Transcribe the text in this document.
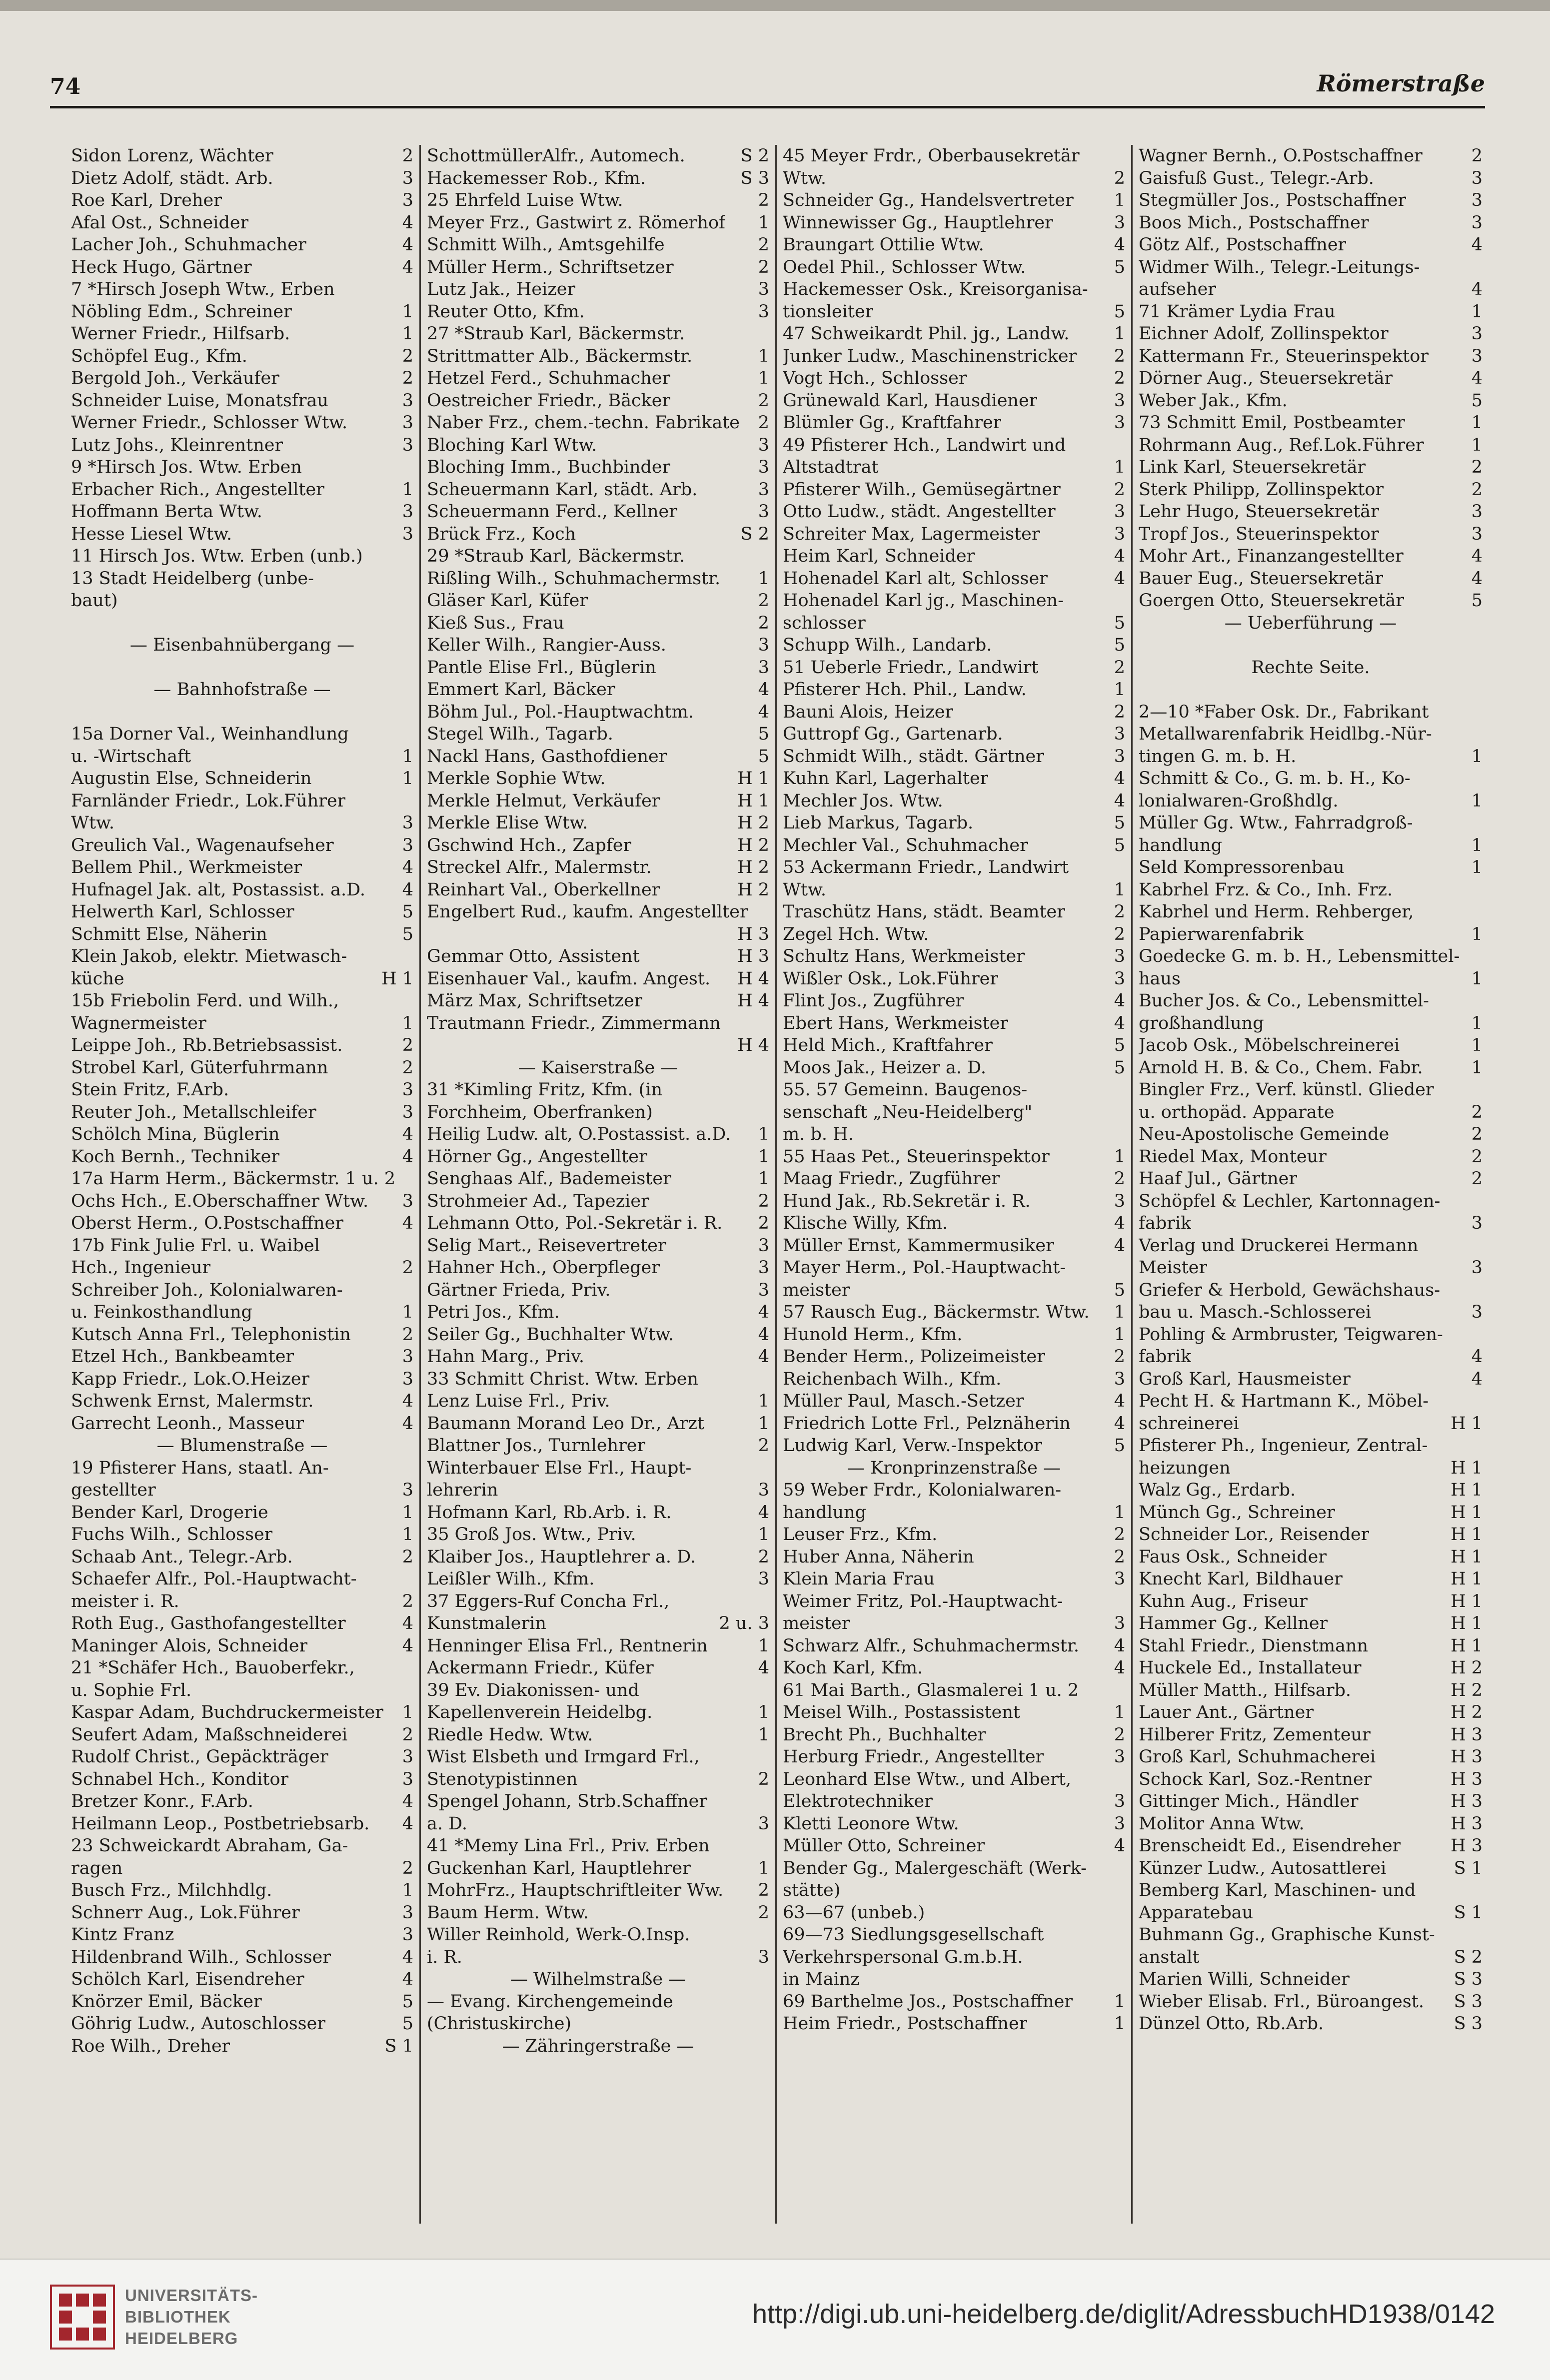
74	Römerstraße
Sidon Lorenz, Wächter	2
Dietz Adolf, städt. Arb.	3
Roe Karl, Dreher	3
Afal Ost., Schneider	4
Lacher Joh., Schuhmacher	4
Heck Hugo, Gärtner	4
7 *Hirsch Joseph Wtw., Erben
Nöbling Edm., Schreiner	1
Werner Friedr., Hilfsarb.	1
Schöpfel Eug., Kfm.	2
Bergold Joh., Verkäufer	2
Schneider Luise, Monatsfrau	3
Werner Friedr., Schlosser Wtw.	3
Lutz Johs., Kleinrentner	3
9 *Hirsch Jos. Wtw. Erben
Erbacher Rich., Angestellter	1
Hoffmann Berta Wtw.	3
Hesse Liesel Wtw.	3
11 Hirsch Jos. Wtw. Erben (unb.)
13 Stadt Heidelberg (unbe-
baut)

— Eisenbahnübergang —

— Bahnhofstraße —

15a Dorner Val., Weinhandlung
u. -Wirtschaft	1
Augustin Else, Schneiderin	1
Farnländer Friedr., Lok.Führer
Wtw.	3
Greulich Val., Wagenaufseher	3
Bellem Phil., Werkmeister	4
Hufnagel Jak. alt, Postassist. a.D. 4
Helwerth Karl, Schlosser	5
Schmitt Else, Näherin	5
Klein Jakob, elektr. Mietwasch-
küche	H 1
15b Friebolin Ferd. und Wilh.,
Wagnermeister	1
Leippe Joh., Rb.Betriebsassist.	2
Strobel Karl, Güterfuhrmann	2
Stein Fritz, F.Arb.	3
Reuter Joh., Metallschleifer	3
Schölch Mina, Büglerin	4
Koch Bernh., Techniker	4
17a Harm Herm., Bäckermstr. 1 u. 2
Ochs Hch., E.Oberschaffner Wtw. 3
Oberst Herm., O.Postschaffner	4
17b Fink Julie Frl. u. Waibel
Hch., Ingenieur	2
Schreiber Joh., Kolonialwaren-
u. Feinkosthandlung	1
Kutsch Anna Frl., Telephonistin	2
Etzel Hch., Bankbeamter	3
Kapp Friedr., Lok.O.Heizer	3
Schwenk Ernst, Malermstr.	4
Garrecht Leonh., Masseur	4
— Blumenstraße —
19 Pfisterer Hans, staatl. An-
gestellter	3
Bender Karl, Drogerie	1
Fuchs Wilh., Schlosser	1
Schaab Ant., Telegr.-Arb.	2
Schaefer Alfr., Pol.-Hauptwacht-
meister i. R.	2
Roth Eug., Gasthofangestellter	4
Maninger Alois, Schneider	4
21 *Schäfer Hch., Bauoberfekr.,
u. Sophie Frl.
Kaspar Adam, Buchdruckermeister 1
Seufert Adam, Maßschneiderei	2
Rudolf Christ., Gepäckträger	3
Schnabel Hch., Konditor	3
Bretzer Konr., F.Arb.	4
Heilmann Leop., Postbetriebsarb. 4
23 Schweickardt Abraham, Ga-
ragen	2
Busch Frz., Milchhdlg.	1
Schnerr Aug., Lok.Führer	3
Kintz Franz	3
Hildenbrand Wilh., Schlosser	4
Schölch Karl, Eisendreher	4
Knörzer Emil, Bäcker	5
Göhrig Ludw., Autoschlosser	5
Roe Wilh., Dreher	S 1
SchottmüllerAlfr., Automech.	S 2
Hackemesser Rob., Kfm.	S 3
25 Ehrfeld Luise Wtw.	2
Meyer Frz., Gastwirt z. Römerhof 1
Schmitt Wilh., Amtsgehilfe	2
Müller Herm., Schriftsetzer	2
Lutz Jak., Heizer	3
Reuter Otto, Kfm.	3
27 *Straub Karl, Bäckermstr.
Strittmatter Alb., Bäckermstr.	1
Hetzel Ferd., Schuhmacher	1
Oestreicher Friedr., Bäcker	2
Naber Frz., chem.-techn. Fabrikate 2
Bloching Karl Wtw.	3
Bloching Imm., Buchbinder	3
Scheuermann Karl, städt. Arb.	3
Scheuermann Ferd., Kellner	3
Brück Frz., Koch	S 2
29 *Straub Karl, Bäckermstr.
Rißling Wilh., Schuhmachermstr. 1
Gläser Karl, Küfer	2
Kieß Sus., Frau	2
Keller Wilh., Rangier-Auss.	3
Pantle Elise Frl., Büglerin	3
Emmert Karl, Bäcker	4
Böhm Jul., Pol.-Hauptwachtm.	4
Stegel Wilh., Tagarb.	5
Nackl Hans, Gasthofdiener	5
Merkle Sophie Wtw.	H 1
Merkle Helmut, Verkäufer	H 1
Merkle Elise Wtw.	H 2
Gschwind Hch., Zapfer	H 2
Streckel Alfr., Malermstr.	H 2
Reinhart Val., Oberkellner	H 2
Engelbert Rud., kaufm. Angestellter
H 3
Gemmar Otto, Assistent	H 3
Eisenhauer Val., kaufm. Angest. H 4
März Max, Schriftsetzer	H 4
Trautmann Friedr., Zimmermann
H 4
— Kaiserstraße —
31 *Kimling Fritz, Kfm. (in
Forchheim, Oberfranken)
Heilig Ludw. alt, O.Postassist. a.D. 1
Hörner Gg., Angestellter	1
Senghaas Alf., Bademeister	1
Strohmeier Ad., Tapezier	2
Lehmann Otto, Pol.-Sekretär i. R. 2
Selig Mart., Reisevertreter	3
Hahner Hch., Oberpfleger	3
Gärtner Frieda, Priv.	3
Petri Jos., Kfm.	4
Seiler Gg., Buchhalter Wtw.	4
Hahn Marg., Priv.	4
33 Schmitt Christ. Wtw. Erben
Lenz Luise Frl., Priv.	1
Baumann Morand Leo Dr., Arzt	1
Blattner Jos., Turnlehrer	2
Winterbauer Else Frl., Haupt-
lehrerin	3
Hofmann Karl, Rb.Arb. i. R.	4
35 Groß Jos. Wtw., Priv.	1
Klaiber Jos., Hauptlehrer a. D.	2
Leißler Wilh., Kfm.	3
37 Eggers-Ruf Concha Frl.,
Kunstmalerin	2 u. 3
Henninger Elisa Frl., Rentnerin	1
Ackermann Friedr., Küfer	4
39 Ev. Diakonissen- und
Kapellenverein Heidelbg.	1
Riedle Hedw. Wtw.	1
Wist Elsbeth und Irmgard Frl.,
Stenotypistinnen	2
Spengel Johann, Strb.Schaffner
a. D.	3
41 *Memy Lina Frl., Priv. Erben
Guckenhan Karl, Hauptlehrer	1
MohrFrz., Hauptschriftleiter Ww. 2
Baum Herm. Wtw.	2
Willer Reinhold, Werk-O.Insp.
i. R.	3
— Wilhelmstraße —
— Evang. Kirchengemeinde
(Christuskirche)
— Zähringerstraße —
45 Meyer Frdr., Oberbausekretär
Wtw.	2
Schneider Gg., Handelsvertreter 1
Winnewisser Gg., Hauptlehrer	3
Braungart Ottilie Wtw.	4
Oedel Phil., Schlosser Wtw.	5
Hackemesser Osk., Kreisorganisa-
tionsleiter	5
47 Schweikardt Phil. jg., Landw.	1
Junker Ludw., Maschinenstricker 2
Vogt Hch., Schlosser	2
Grünewald Karl, Hausdiener	3
Blümler Gg., Kraftfahrer	3
49 Pfisterer Hch., Landwirt und
Altstadtrat	1
Pfisterer Wilh., Gemüsegärtner	2
Otto Ludw., städt. Angestellter	3
Schreiter Max, Lagermeister	3
Heim Karl, Schneider	4
Hohenadel Karl alt, Schlosser	4
Hohenadel Karl jg., Maschinen-
schlosser	5
Schupp Wilh., Landarb.	5
51 Ueberle Friedr., Landwirt	2
Pfisterer Hch. Phil., Landw.	1
Bauni Alois, Heizer	2
Guttropf Gg., Gartenarb.	3
Schmidt Wilh., städt. Gärtner	3
Kuhn Karl, Lagerhalter	4
Mechler Jos. Wtw.	4
Lieb Markus, Tagarb.	5
Mechler Val., Schuhmacher	5
53 Ackermann Friedr., Landwirt
Wtw.	1
Traschütz Hans, städt. Beamter	2
Zegel Hch. Wtw.	2
Schultz Hans, Werkmeister	3
Wißler Osk., Lok.Führer	3
Flint Jos., Zugführer	4
Ebert Hans, Werkmeister	4
Held Mich., Kraftfahrer	5
Moos Jak., Heizer a. D.	5
55. 57 Gemeinn. Baugenos-
senschaft „Neu-Heidelberg"
m. b. H.
55 Haas Pet., Steuerinspektor	1
Maag Friedr., Zugführer	2
Hund Jak., Rb.Sekretär i. R.	3
Klische Willy, Kfm.	4
Müller Ernst, Kammermusiker	4
Mayer Herm., Pol.-Hauptwacht-
meister	5
57 Rausch Eug., Bäckermstr. Wtw. 1
Hunold Herm., Kfm.	1
Bender Herm., Polizeimeister	2
Reichenbach Wilh., Kfm.	3
Müller Paul, Masch.-Setzer	4
Friedrich Lotte Frl., Pelznäherin 4
Ludwig Karl, Verw.-Inspektor	5
— Kronprinzenstraße —
59 Weber Frdr., Kolonialwaren-
handlung	1
Leuser Frz., Kfm.	2
Huber Anna, Näherin	2
Klein Maria Frau	3
Weimer Fritz, Pol.-Hauptwacht-
meister	3
Schwarz Alfr., Schuhmachermstr. 4
Koch Karl, Kfm.	4
61 Mai Barth., Glasmalerei 1 u. 2
Meisel Wilh., Postassistent	1
Brecht Ph., Buchhalter	2
Herburg Friedr., Angestellter	3
Leonhard Else Wtw., und Albert,
Elektrotechniker	3
Kletti Leonore Wtw.	3
Müller Otto, Schreiner	4
Bender Gg., Malergeschäft (Werk-
stätte)
63—67 (unbeb.)
69—73 Siedlungsgesellschaft
Verkehrspersonal G.m.b.H.
in Mainz
69 Barthelme Jos., Postschaffner 1
Heim Friedr., Postschaffner	1
Wagner Bernh., O.Postschaffner	2
Gaisfuß Gust., Telegr.-Arb.	3
Stegmüller Jos., Postschaffner	3
Boos Mich., Postschaffner	3
Götz Alf., Postschaffner	4
Widmer Wilh., Telegr.-Leitungs-
aufseher	4
71 Krämer Lydia Frau	1
Eichner Adolf, Zollinspektor	3
Kattermann Fr., Steuerinspektor 3
Dörner Aug., Steuersekretär	4
Weber Jak., Kfm.	5
73 Schmitt Emil, Postbeamter	1
Rohrmann Aug., Ref.Lok.Führer	1
Link Karl, Steuersekretär	2
Sterk Philipp, Zollinspektor	2
Lehr Hugo, Steuersekretär	3
Tropf Jos., Steuerinspektor	3
Mohr Art., Finanzangestellter	4
Bauer Eug., Steuersekretär	4
Goergen Otto, Steuersekretär	5
— Ueberführung —

Rechte Seite.

2—10 *Faber Osk. Dr., Fabrikant
Metallwarenfabrik Heidlbg.-Nür-
tingen G. m. b. H.	1
Schmitt & Co., G. m. b. H., Ko-
lonialwaren-Großhdlg.	1
Müller Gg. Wtw., Fahrradgroß-
handlung	1
Seld Kompressorenbau	1
Kabrhel Frz. & Co., Inh. Frz.
Kabrhel und Herm. Rehberger,
Papierwarenfabrik	1
Goedecke G. m. b. H., Lebensmittel-
haus	1
Bucher Jos. & Co., Lebensmittel-
großhandlung	1
Jacob Osk., Möbelschreinerei	1
Arnold H. B. & Co., Chem. Fabr.	1
Bingler Frz., Verf. künstl. Glieder
u. orthopäd. Apparate	2
Neu-Apostolische Gemeinde	2
Riedel Max, Monteur	2
Haaf Jul., Gärtner	2
Schöpfel & Lechler, Kartonnagen-
fabrik	3
Verlag und Druckerei Hermann
Meister	3
Griefer & Herbold, Gewächshaus-
bau u. Masch.-Schlosserei	3
Pohling & Armbruster, Teigwaren-
fabrik	4
Groß Karl, Hausmeister	4
Pecht H. & Hartmann K., Möbel-
schreinerei	H 1
Pfisterer Ph., Ingenieur, Zentral-
heizungen	H 1
Walz Gg., Erdarb.	H 1
Münch Gg., Schreiner	H 1
Schneider Lor., Reisender	H 1
Faus Osk., Schneider	H 1
Knecht Karl, Bildhauer	H 1
Kuhn Aug., Friseur	H 1
Hammer Gg., Kellner	H 1
Stahl Friedr., Dienstmann	H 1
Huckele Ed., Installateur	H 2
Müller Matth., Hilfsarb.	H 2
Lauer Ant., Gärtner	H 2
Hilberer Fritz, Zementeur	H 3
Groß Karl, Schuhmacherei	H 3
Schock Karl, Soz.-Rentner	H 3
Gittinger Mich., Händler	H 3
Molitor Anna Wtw.	H 3
Brenscheidt Ed., Eisendreher	H 3
Künzer Ludw., Autosattlerei	S 1
Bemberg Karl, Maschinen- und
Apparatebau	S 1
Buhmann Gg., Graphische Kunst-
anstalt	S 2
Marien Willi, Schneider	S 3
Wieber Elisab. Frl., Büroangest. S 3
Dünzel Otto, Rb.Arb.	S 3
UNIVERSITÄTS-
BIBLIOTHEK
HEIDELBERG
http://digi.ub.uni-heidelberg.de/diglit/AdressbuchHD1938/0142
